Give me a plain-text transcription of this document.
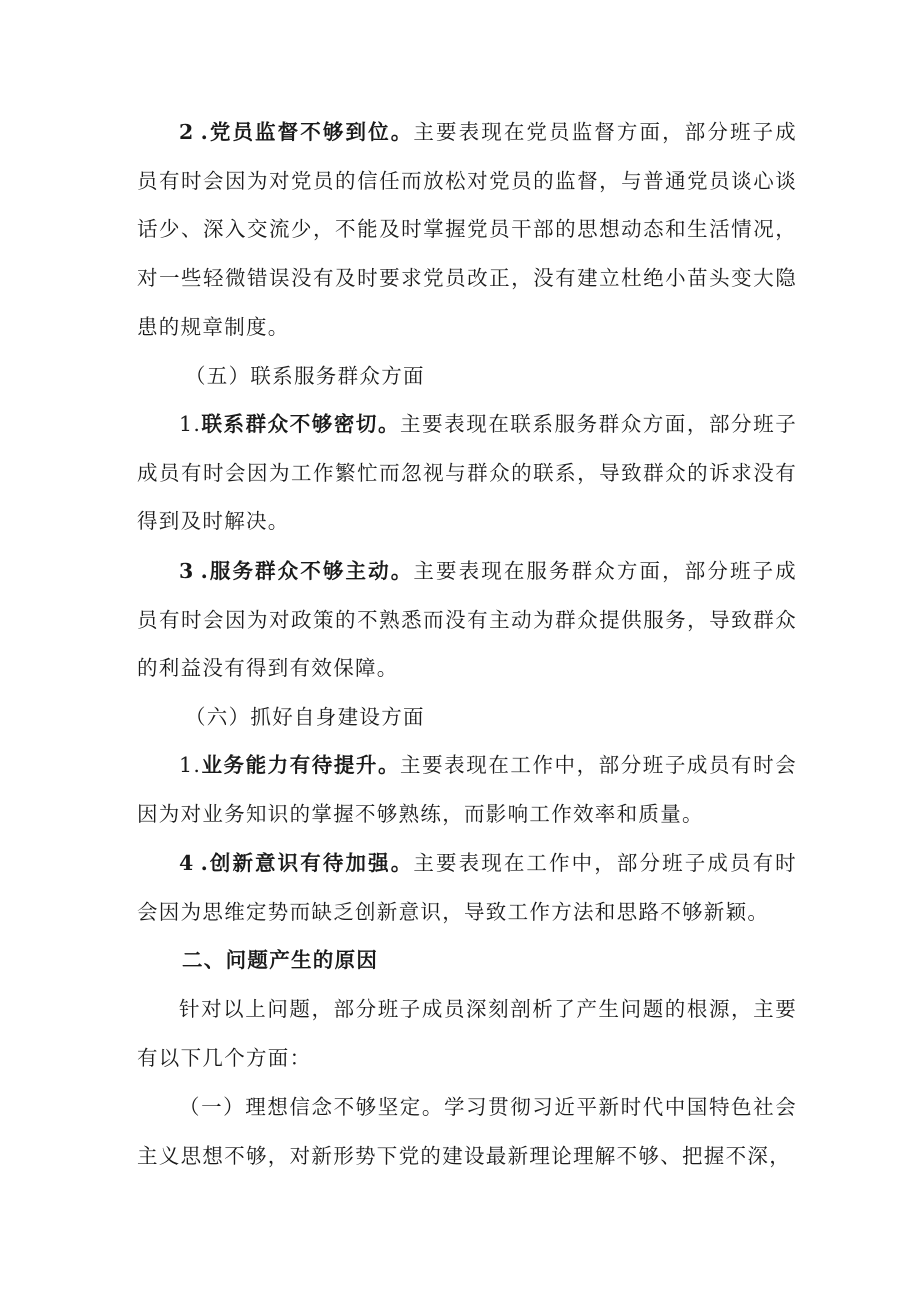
2 .党员监督不够到位。主要表现在党员监督方面，部分班子成员有时会因为对党员的信任而放松对党员的监督，与普通党员谈心谈话少、深入交流少，不能及时掌握党员干部的思想动态和生活情况，对一些轻微错误没有及时要求党员改正，没有建立杜绝小苗头变大隐患的规章制度。

（五）联系服务群众方面

1.联系群众不够密切。主要表现在联系服务群众方面，部分班子成员有时会因为工作繁忙而忽视与群众的联系，导致群众的诉求没有得到及时解决。

3 .服务群众不够主动。主要表现在服务群众方面，部分班子成员有时会因为对政策的不熟悉而没有主动为群众提供服务，导致群众的利益没有得到有效保障。

（六）抓好自身建设方面

1.业务能力有待提升。主要表现在工作中，部分班子成员有时会因为对业务知识的掌握不够熟练，而影响工作效率和质量。

4 .创新意识有待加强。主要表现在工作中，部分班子成员有时会因为思维定势而缺乏创新意识，导致工作方法和思路不够新颖。

二、问题产生的原因

针对以上问题，部分班子成员深刻剖析了产生问题的根源，主要有以下几个方面：

（一）理想信念不够坚定。学习贯彻习近平新时代中国特色社会主义思想不够，对新形势下党的建设最新理论理解不够、把握不深，
